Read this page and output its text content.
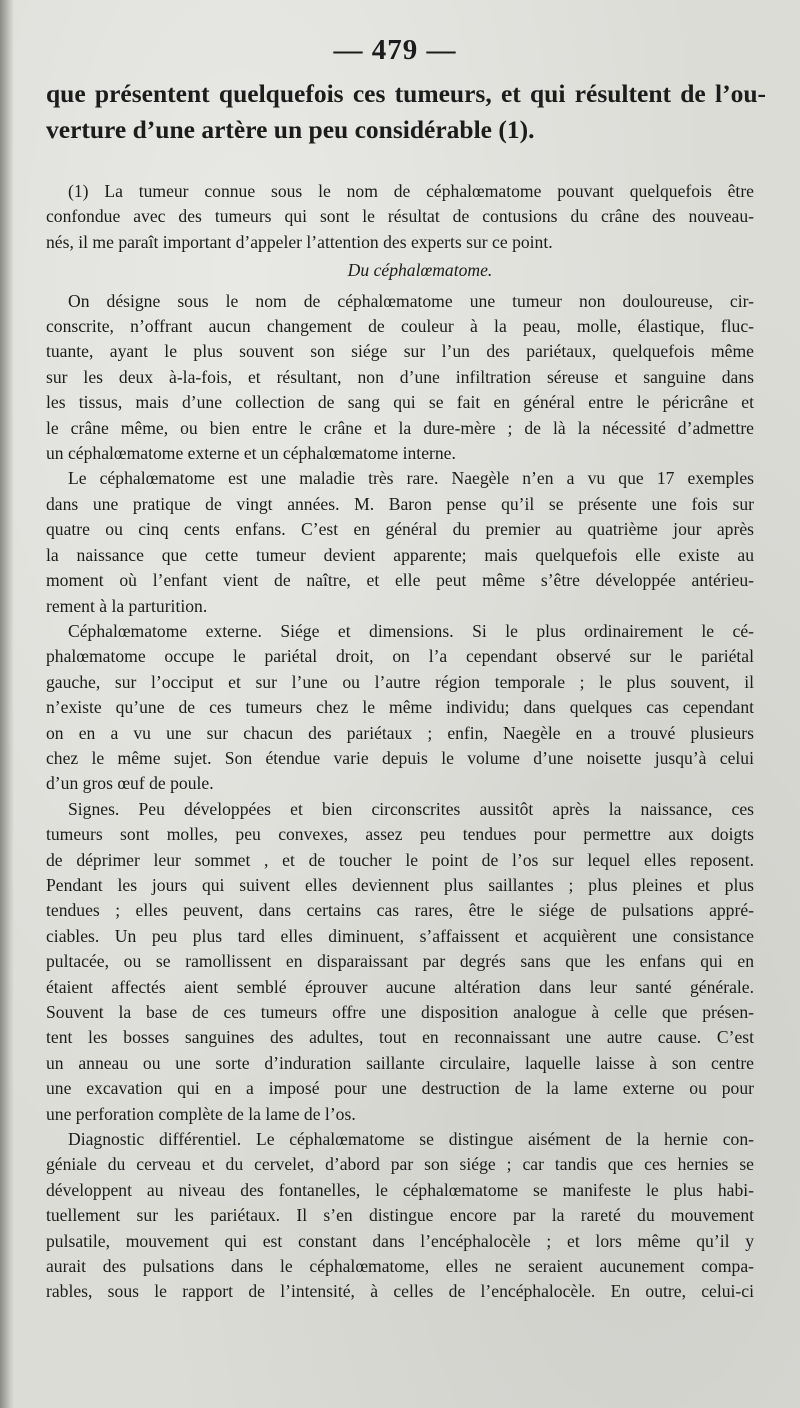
— 479 —
que présentent quelquefois ces tumeurs, et qui résultent de l’ou-
verture d’une artère un peu considérable (1).
(1) La tumeur connue sous le nom de céphalœmatome pouvant quelquefois être
confondue avec des tumeurs qui sont le résultat de contusions du crâne des nouveau-
nés, il me paraît important d’appeler l’attention des experts sur ce point.
Du céphalœmatome.
On désigne sous le nom de céphalœmatome une tumeur non douloureuse, cir-
conscrite, n’offrant aucun changement de couleur à la peau, molle, élastique, fluc-
tuante, ayant le plus souvent son siége sur l’un des pariétaux, quelquefois même
sur les deux à-la-fois, et résultant, non d’une infiltration séreuse et sanguine dans
les tissus, mais d’une collection de sang qui se fait en général entre le péricrâne et
le crâne même, ou bien entre le crâne et la dure-mère ; de là la nécessité d’admettre
un céphalœmatome externe et un céphalœmatome interne.
Le céphalœmatome est une maladie très rare. Naegèle n’en a vu que 17 exemples
dans une pratique de vingt années. M. Baron pense qu’il se présente une fois sur
quatre ou cinq cents enfans. C’est en général du premier au quatrième jour après
la naissance que cette tumeur devient apparente; mais quelquefois elle existe au
moment où l’enfant vient de naître, et elle peut même s’être développée antérieu-
rement à la parturition.
Céphalœmatome externe. Siége et dimensions. Si le plus ordinairement le cé-
phalœmatome occupe le pariétal droit, on l’a cependant observé sur le pariétal
gauche, sur l’occiput et sur l’une ou l’autre région temporale ; le plus souvent, il
n’existe qu’une de ces tumeurs chez le même individu; dans quelques cas cependant
on en a vu une sur chacun des pariétaux ; enfin, Naegèle en a trouvé plusieurs
chez le même sujet. Son étendue varie depuis le volume d’une noisette jusqu’à celui
d’un gros œuf de poule.
Signes. Peu développées et bien circonscrites aussitôt après la naissance, ces
tumeurs sont molles, peu convexes, assez peu tendues pour permettre aux doigts
de déprimer leur sommet , et de toucher le point de l’os sur lequel elles reposent.
Pendant les jours qui suivent elles deviennent plus saillantes ; plus pleines et plus
tendues ; elles peuvent, dans certains cas rares, être le siége de pulsations appré-
ciables. Un peu plus tard elles diminuent, s’affaissent et acquièrent une consistance
pultacée, ou se ramollissent en disparaissant par degrés sans que les enfans qui en
étaient affectés aient semblé éprouver aucune altération dans leur santé générale.
Souvent la base de ces tumeurs offre une disposition analogue à celle que présen-
tent les bosses sanguines des adultes, tout en reconnaissant une autre cause. C’est
un anneau ou une sorte d’induration saillante circulaire, laquelle laisse à son centre
une excavation qui en a imposé pour une destruction de la lame externe ou pour
une perforation complète de la lame de l’os.
Diagnostic différentiel. Le céphalœmatome se distingue aisément de la hernie con-
géniale du cerveau et du cervelet, d’abord par son siége ; car tandis que ces hernies se
développent au niveau des fontanelles, le céphalœmatome se manifeste le plus habi-
tuellement sur les pariétaux. Il s’en distingue encore par la rareté du mouvement
pulsatile, mouvement qui est constant dans l’encéphalocèle ; et lors même qu’il y
aurait des pulsations dans le céphalœmatome, elles ne seraient aucunement compa-
rables, sous le rapport de l’intensité, à celles de l’encéphalocèle. En outre, celui-ci
